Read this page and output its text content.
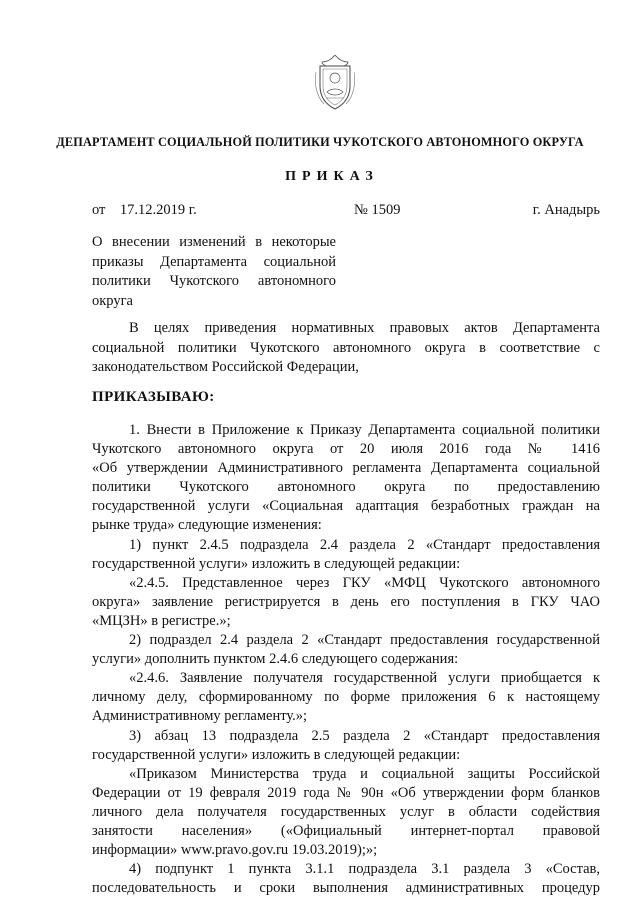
ДЕПАРТАМЕНТ СОЦИАЛЬНОЙ ПОЛИТИКИ ЧУКОТСКОГО АВТОНОМНОГО ОКРУГА
ПРИКАЗ
от 17.12.2019 г.	№ 1509	г. Анадырь
О внесении изменений в некоторые
приказы Департамента социальной
политики Чукотского автономного
округа
В целях приведения нормативных правовых актов Департамента
социальной политики Чукотского автономного округа в соответствие с
законодательством Российской Федерации,
ПРИКАЗЫВАЮ:
1. Внести в Приложение к Приказу Департамента социальной политики
Чукотского автономного округа от 20 июля 2016 года № 1416
«Об утверждении Административного регламента Департамента социальной
политики Чукотского автономного округа по предоставлению
государственной услуги «Социальная адаптация безработных граждан на
рынке труда» следующие изменения:
1) пункт 2.4.5 подраздела 2.4 раздела 2 «Стандарт предоставления
государственной услуги» изложить в следующей редакции:
«2.4.5. Представленное через ГКУ «МФЦ Чукотского автономного
округа» заявление регистрируется в день его поступления в ГКУ ЧАО
«МЦЗН» в регистре.»;
2) подраздел 2.4 раздела 2 «Стандарт предоставления государственной
услуги» дополнить пунктом 2.4.6 следующего содержания:
«2.4.6. Заявление получателя государственной услуги приобщается к
личному делу, сформированному по форме приложения 6 к настоящему
Административному регламенту.»;
3) абзац 13 подраздела 2.5 раздела 2 «Стандарт предоставления
государственной услуги» изложить в следующей редакции:
«Приказом Министерства труда и социальной защиты Российской
Федерации от 19 февраля 2019 года № 90н «Об утверждении форм бланков
личного дела получателя государственных услуг в области содействия
занятости населения» («Официальный интернет-портал правовой
информации» www.pravo.gov.ru 19.03.2019);»;
4) подпункт 1 пункта 3.1.1 подраздела 3.1 раздела 3 «Состав,
последовательность и сроки выполнения административных процедур
